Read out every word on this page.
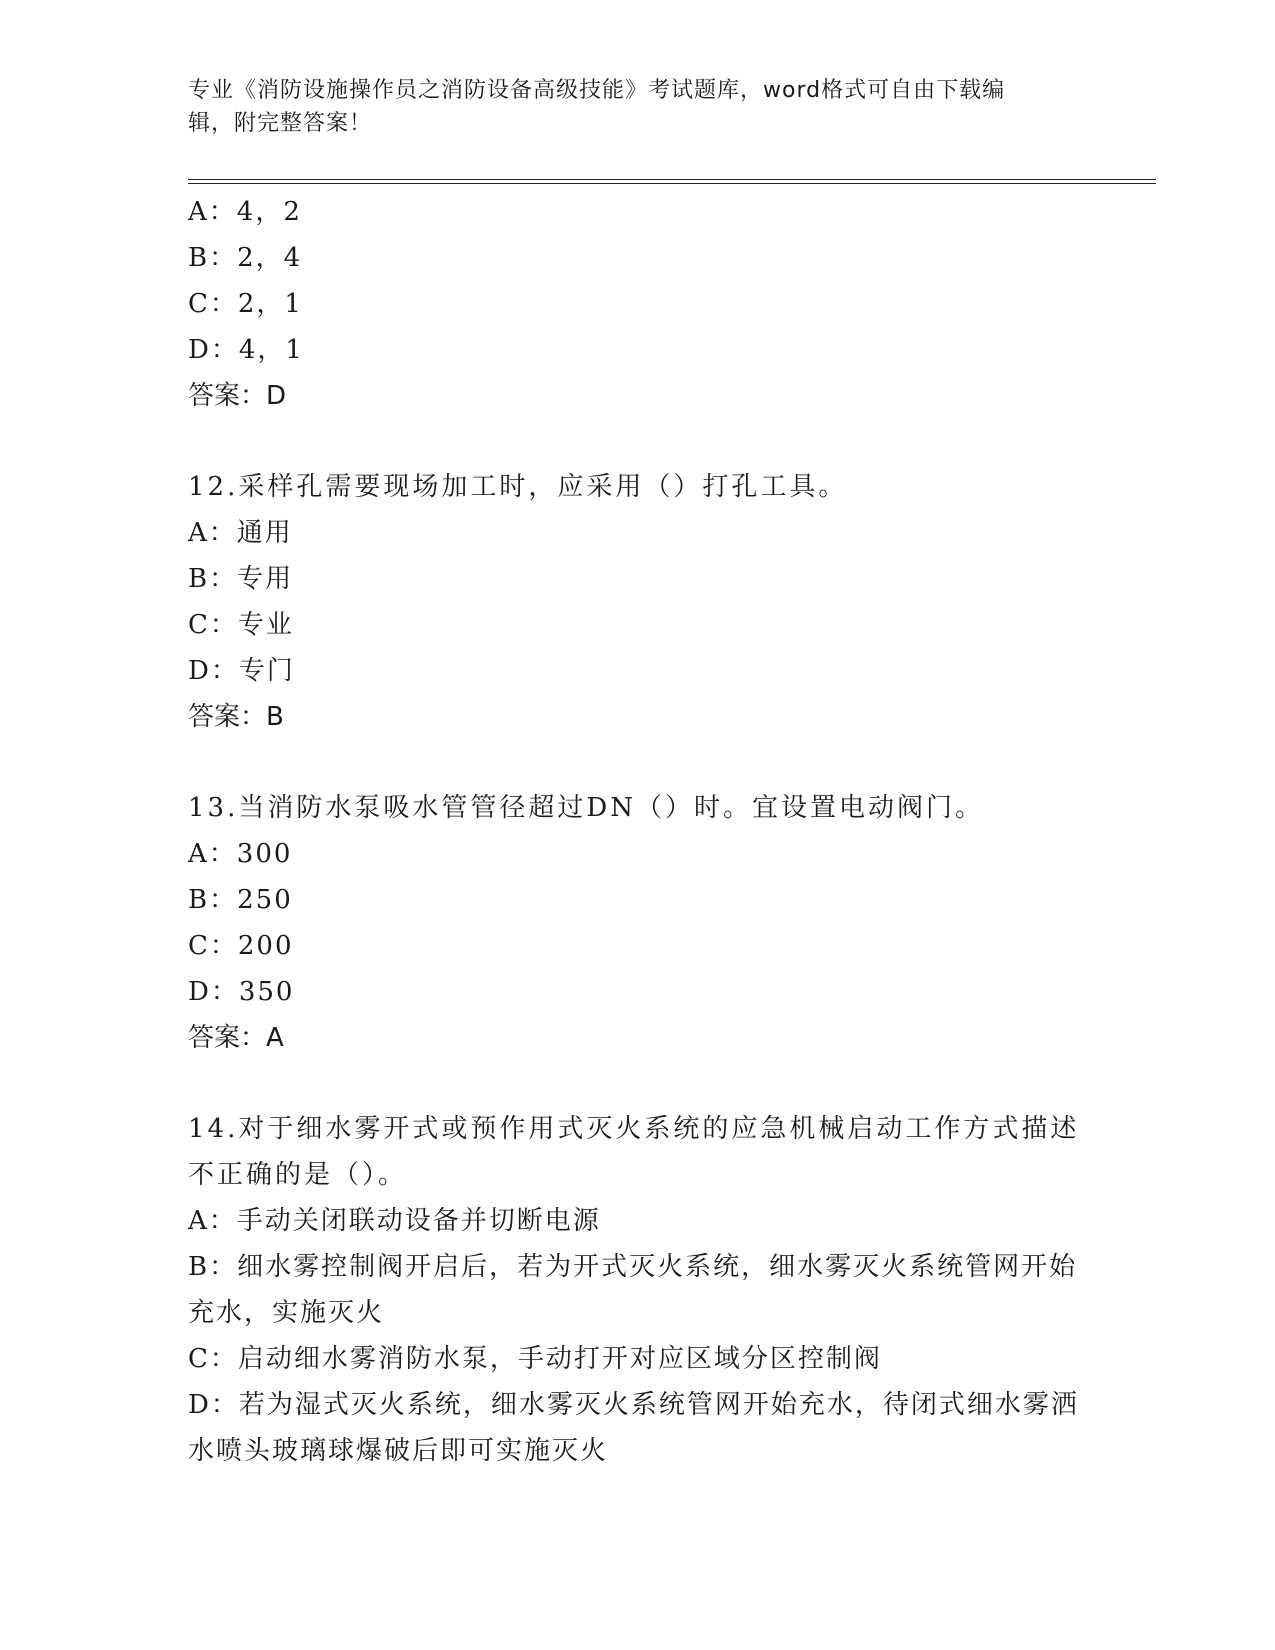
专业《消防设施操作员之消防设备高级技能》考试题库，word格式可自由下载编
辑，附完整答案！
A：4，2
B：2，4
C：2，1
D：4，1
答案：D
12.采样孔需要现场加工时，应采用（）打孔工具。
A：通用
B：专用
C：专业
D：专门
答案：B
13.当消防水泵吸水管管径超过DN（）时。宜设置电动阀门。
A：300
B：250
C：200
D：350
答案：A
14.对于细水雾开式或预作用式灭火系统的应急机械启动工作方式描述不正确的是（）。
A：手动关闭联动设备并切断电源
B：细水雾控制阀开启后，若为开式灭火系统，细水雾灭火系统管网开始充水，实施灭火
C：启动细水雾消防水泵，手动打开对应区域分区控制阀
D：若为湿式灭火系统，细水雾灭火系统管网开始充水，待闭式细水雾洒水喷头玻璃球爆破后即可实施灭火
